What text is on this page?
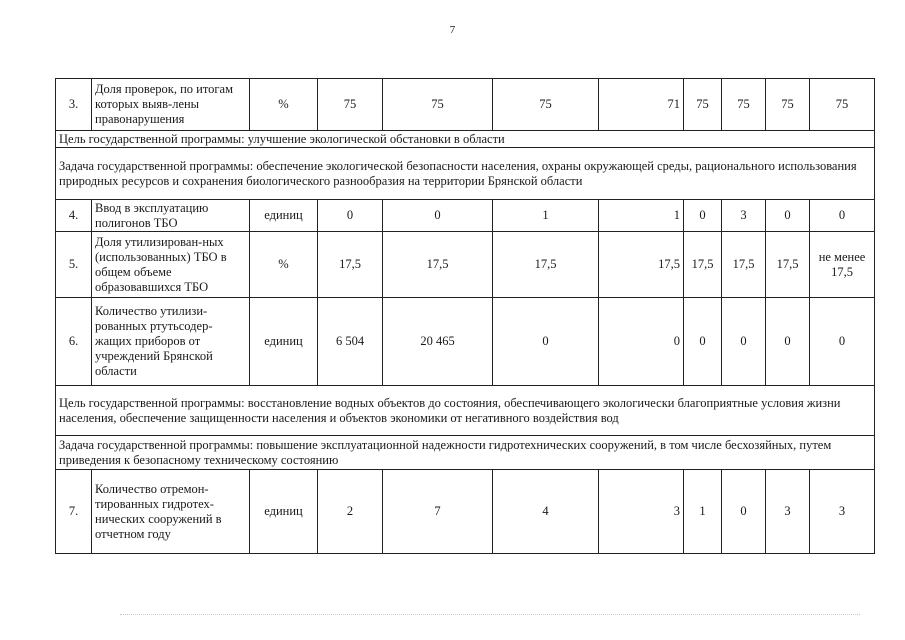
7
3.	Доля проверок, по итогам которых выяв-лены правонарушения	%	75	75	75	71	75	75	75	75
Цель государственной программы: улучшение экологической обстановки в области										
Задача государственной программы: обеспечение экологической безопасности населения, охраны окружающей среды, рационального использования природных ресурсов и сохранения биологического разнообразия на территории Брянской области										
4.	Ввод в эксплуатацию полигонов ТБО	единиц	0	0	1	1	0	3	0	0
5.	Доля утилизирован-ных (использованных) ТБО в общем объеме образовавшихся ТБО	%	17,5	17,5	17,5	17,5	17,5	17,5	17,5	не менее 17,5
6.	Количество утилизи-рованных ртутьсодер-жащих приборов от учреждений Брянской области	единиц	6 504	20 465	0	0	0	0	0	0
Цель государственной программы: восстановление водных объектов до состояния, обеспечивающего экологически благоприятные условия жизни населения, обеспечение защищенности населения и объектов экономики от негативного воздействия вод										
Задача государственной программы: повышение эксплуатационной надежности гидротехнических сооружений, в том числе бесхозяйных, путем приведения к безопасному техническому состоянию										
7.	Количество отремон-тированных гидротех-нических сооружений в отчетном году	единиц	2	7	4	3	1	0	3	3
